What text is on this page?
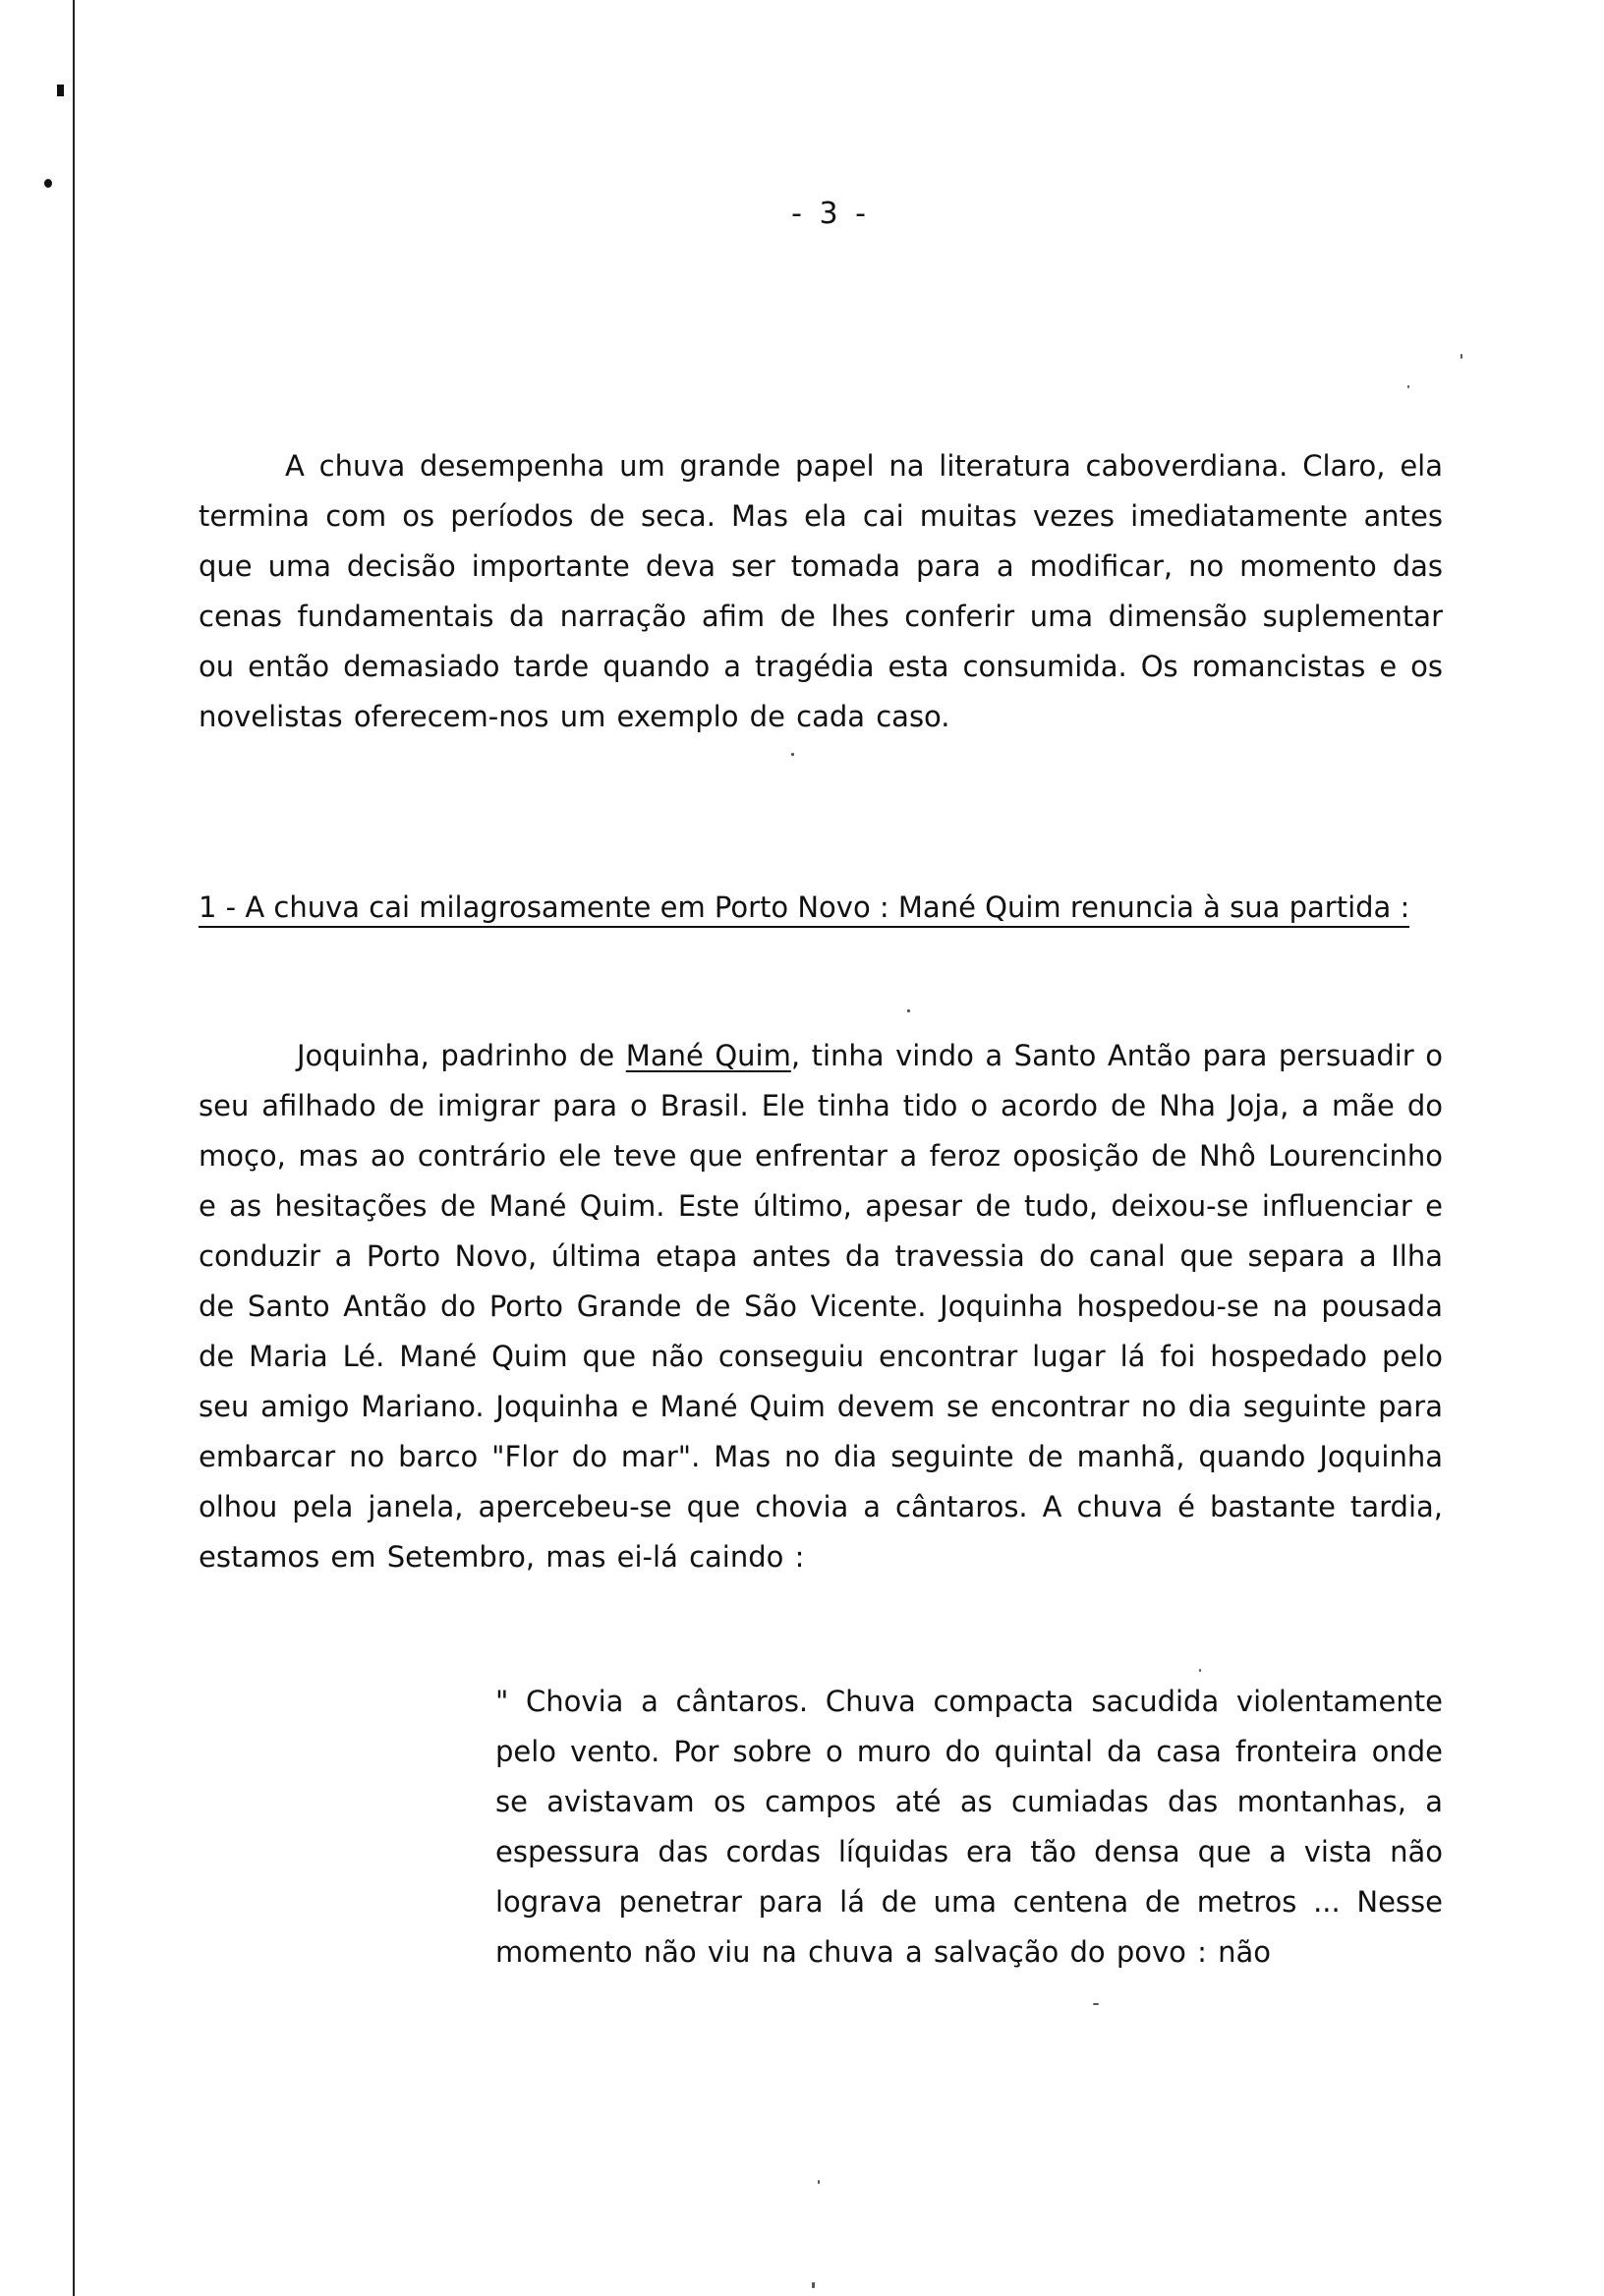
- 3 -

A chuva desempenha um grande papel na literatura caboverdiana. Claro, ela termina com os períodos de seca. Mas ela cai muitas vezes imediatamente antes que uma decisão importante deva ser tomada para a modificar, no momento das cenas fundamentais da narração afim de lhes conferir uma dimensão suplementar ou então demasiado tarde quando a tragédia esta consumida. Os romancistas e os novelistas oferecem-nos um exemplo de cada caso.

1 - A chuva cai milagrosamente em Porto Novo : Mané Quim renuncia à sua partida :

Joquinha, padrinho de Mané Quim, tinha vindo a Santo Antão para persuadir o seu afilhado de imigrar para o Brasil. Ele tinha tido o acordo de Nha Joja, a mãe do moço, mas ao contrário ele teve que enfrentar a feroz oposição de Nhô Lourencinho e as hesitações de Mané Quim. Este último, apesar de tudo, deixou-se influenciar e conduzir a Porto Novo, última etapa antes da travessia do canal que separa a Ilha de Santo Antão do Porto Grande de São Vicente. Joquinha hospedou-se na pousada de Maria Lé. Mané Quim que não conseguiu encontrar lugar lá foi hospedado pelo seu amigo Mariano. Joquinha e Mané Quim devem se encontrar no dia seguinte para embarcar no barco "Flor do mar". Mas no dia seguinte de manhã, quando Joquinha olhou pela janela, apercebeu-se que chovia a cântaros. A chuva é bastante tardia, estamos em Setembro, mas ei-lá caindo :

" Chovia a cântaros. Chuva compacta sacudida violentamente pelo vento. Por sobre o muro do quintal da casa fronteira onde se avistavam os campos até as cumiadas das montanhas, a espessura das cordas líquidas era tão densa que a vista não lograva penetrar para lá de uma centena de metros ... Nesse momento não viu na chuva a salvação do povo : não
